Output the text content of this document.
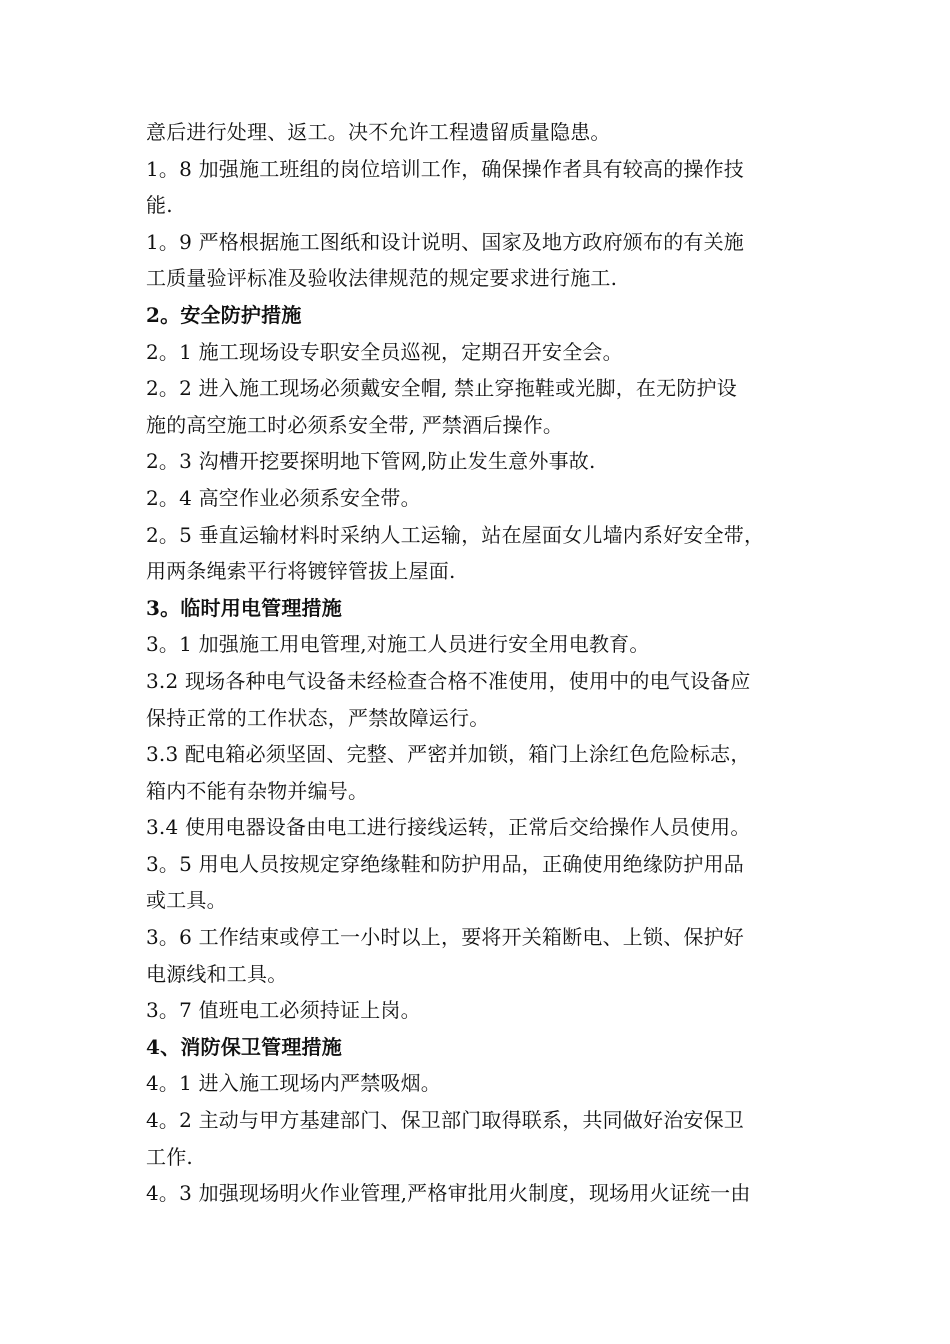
意后进行处理、返工。决不允许工程遗留质量隐患。
1。8 加强施工班组的岗位培训工作，确保操作者具有较高的操作技
能.
1。9 严格根据施工图纸和设计说明、国家及地方政府颁布的有关施
工质量验评标准及验收法律规范的规定要求进行施工.
2。安全防护措施
2。1 施工现场设专职安全员巡视，定期召开安全会。
2。2 进入施工现场必须戴安全帽, 禁止穿拖鞋或光脚，在无防护设
施的高空施工时必须系安全带, 严禁酒后操作。
2。3 沟槽开挖要探明地下管网,防止发生意外事故.
2。4 高空作业必须系安全带。
2。5 垂直运输材料时采纳人工运输，站在屋面女儿墙内系好安全带，
用两条绳索平行将镀锌管拔上屋面.
3。临时用电管理措施
3。1 加强施工用电管理,对施工人员进行安全用电教育。
3.2 现场各种电气设备未经检查合格不准使用，使用中的电气设备应
保持正常的工作状态，严禁故障运行。
3.3 配电箱必须坚固、完整、严密并加锁，箱门上涂红色危险标志，
箱内不能有杂物并编号。
3.4 使用电器设备由电工进行接线运转，正常后交给操作人员使用。
3。5 用电人员按规定穿绝缘鞋和防护用品，正确使用绝缘防护用品
或工具。
3。6 工作结束或停工一小时以上，要将开关箱断电、上锁、保护好
电源线和工具。
3。7 值班电工必须持证上岗。
4、消防保卫管理措施
4。1 进入施工现场内严禁吸烟。
4。2 主动与甲方基建部门、保卫部门取得联系，共同做好治安保卫
工作.
4。3 加强现场明火作业管理,严格审批用火制度，现场用火证统一由
